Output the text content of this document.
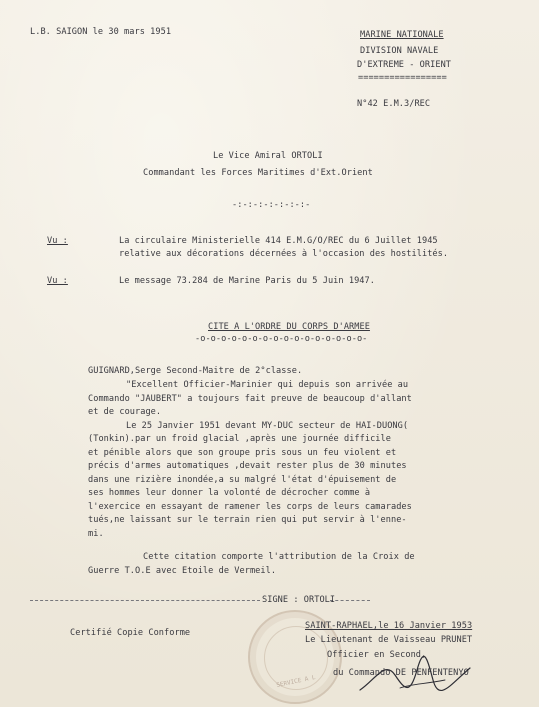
L.B. SAIGON le 30 mars 1951	MARINE NATIONALE
DIVISION NAVALE
D'EXTREME - ORIENT
=================
N°42 E.M.3/REC
Le Vice Amiral ORTOLI
Commandant les Forces Maritimes d'Ext.Orient
-:-:-:-:-:-:-:-
Vu :	La circulaire Ministerielle 414 E.M.G/O/REC du 6 Juillet 1945
relative aux décorations décernées à l'occasion des hostilités.
Vu :	Le message 73.284 de Marine Paris du 5 Juin 1947.
CITE A L'ORDRE DU CORPS D'ARMEE
-o-o-o-o-o-o-o-o-o-o-o-o-o-o-o-o-
GUIGNARD,Serge Second-Maitre de 2°classe.
"Excellent Officier-Marinier qui depuis son arrivée au
Commando "JAUBERT" a toujours fait preuve de beaucoup d'allant
et de courage.
Le 25 Janvier 1951 devant MY-DUC secteur de HAI-DUONG(
(Tonkin).par un froid glacial ,après une journée difficile
et pénible alors que son groupe pris sous un feu violent et
précis d'armes automatiques ,devait rester plus de 30 minutes
dans une rizière inondée,a su malgré l'état d'épuisement de
ses hommes leur donner la volonté de décrocher comme à
l'exercice en essayant de ramener les corps de leurs camarades
tués,ne laissant sur le terrain rien qui put servir à l'enne-
mi.
Cette citation comporte l'attribution de la Croix de
Guerre T.O.E avec Etoile de Vermeil.
SIGNE : ORTOLI
SERVICE A L
Certifié Copie Conforme
SAINT-RAPHAEL,le 16 Janvier 1953
Le Lieutenant de Vaisseau PRUNET
Officier en Second,
du Commando DE PENFENTENYO
